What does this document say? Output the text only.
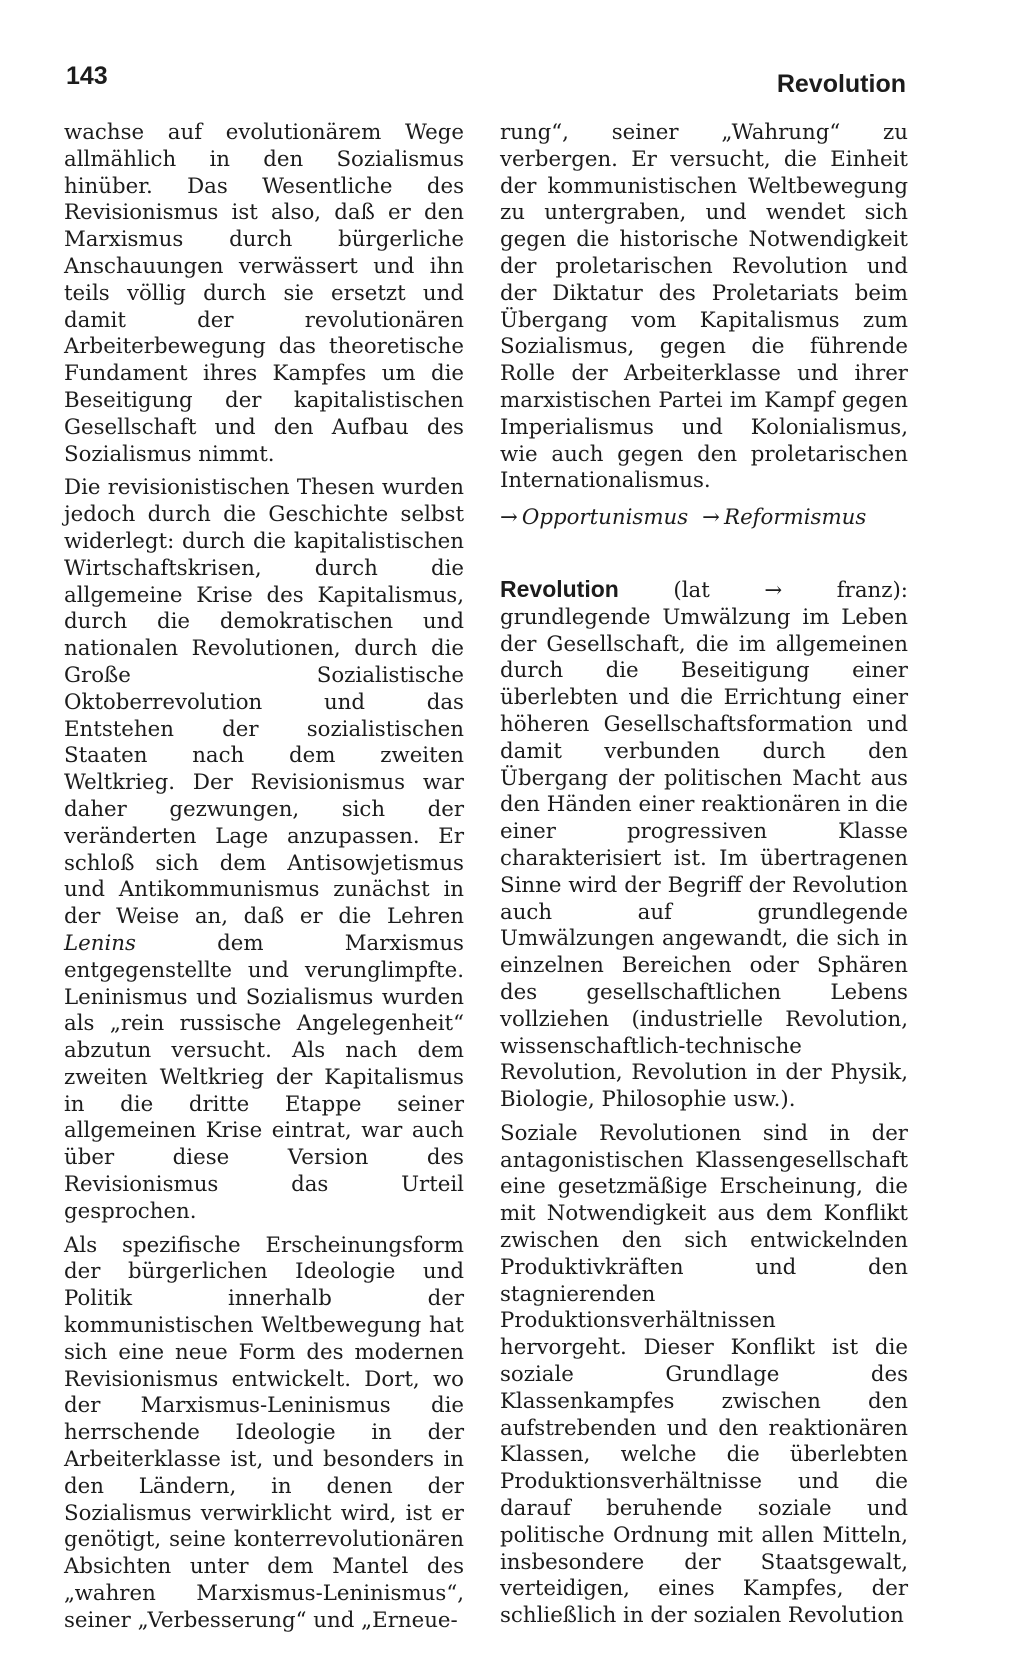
143	Revolution

wachse auf evolutionärem Wege allmählich in den Sozialismus hinüber. Das Wesentliche des Revisionismus ist also, daß er den Marxismus durch bürgerliche Anschauungen verwässert und ihn teils völlig durch sie ersetzt und damit der revolutionären Arbeiterbewegung das theoretische Fundament ihres Kampfes um die Beseitigung der kapitalistischen Gesellschaft und den Aufbau des Sozialismus nimmt.

Die revisionistischen Thesen wurden jedoch durch die Geschichte selbst widerlegt: durch die kapitalistischen Wirtschaftskrisen, durch die allgemeine Krise des Kapitalismus, durch die demokratischen und nationalen Revolutionen, durch die Große Sozialistische Oktoberrevolution und das Entstehen der sozialistischen Staaten nach dem zweiten Weltkrieg. Der Revisionismus war daher gezwungen, sich der veränderten Lage anzupassen. Er schloß sich dem Antisowjetismus und Antikommunismus zunächst in der Weise an, daß er die Lehren Lenins	dem Marxismus entgegenstellte und verunglimpfte. Leninismus und Sozialismus wurden als „rein russische Angelegenheit“ abzutun versucht. Als nach dem zweiten Weltkrieg der Kapitalismus in die dritte Etappe seiner allgemeinen Krise eintrat, war auch über diese Version des Revisionismus das Urteil gesprochen.

Als spezifische Erscheinungsform der bürgerlichen Ideologie und Politik innerhalb der kommunistischen Weltbewegung hat sich eine neue Form des modernen Revisionismus entwickelt. Dort, wo der Marxismus-Leninismus die herrschende Ideologie in der Arbeiterklasse ist, und besonders in den Ländern, in denen der Sozialismus verwirklicht wird, ist er genötigt, seine konterrevolutionären Absichten unter dem Mantel des „wahren Marxismus-Leninismus“, seiner „Verbesserung“ und „Erneue-

rung“, seiner „Wahrung“ zu verbergen. Er versucht, die Einheit der kommunistischen Weltbewegung zu untergraben, und wendet sich gegen die historische Notwendigkeit der proletarischen Revolution und der Diktatur des Proletariats beim Übergang vom Kapitalismus zum Sozialismus, gegen die führende Rolle der Arbeiterklasse und ihrer marxistischen Partei im Kampf gegen Imperialismus und Kolonialismus, wie auch gegen den proletarischen Internationalismus.

→ Opportunismus → Reformismus

Revolution	(lat	→	franz): grundlegende Umwälzung im Leben der Gesellschaft, die im allgemeinen durch die Beseitigung einer überlebten und die Errichtung einer höheren Gesellschaftsformation und damit verbunden durch den Übergang der politischen Macht aus den Händen einer reaktionären in die einer progressiven Klasse charakterisiert ist. Im übertragenen Sinne wird der Begriff der Revolution auch auf grundlegende Umwälzungen angewandt, die sich in einzelnen Bereichen oder Sphären des gesellschaftlichen Lebens vollziehen (industrielle Revolution, wissenschaftlich-technische Revolution, Revolution in der Physik, Biologie, Philosophie usw.).

Soziale Revolutionen sind in der antagonistischen Klassengesellschaft eine gesetzmäßige Erscheinung, die mit Notwendigkeit aus dem Konflikt zwischen den sich entwickelnden Produktivkräften und den stagnierenden Produktionsverhältnissen hervorgeht. Dieser Konflikt ist die soziale Grundlage des Klassenkampfes zwischen den aufstrebenden und den reaktionären Klassen, welche die überlebten Produktionsverhältnisse und die darauf beruhende soziale und politische Ordnung mit allen Mitteln, insbesondere der Staatsgewalt, verteidigen, eines Kampfes, der schließlich in der sozialen Revolution
